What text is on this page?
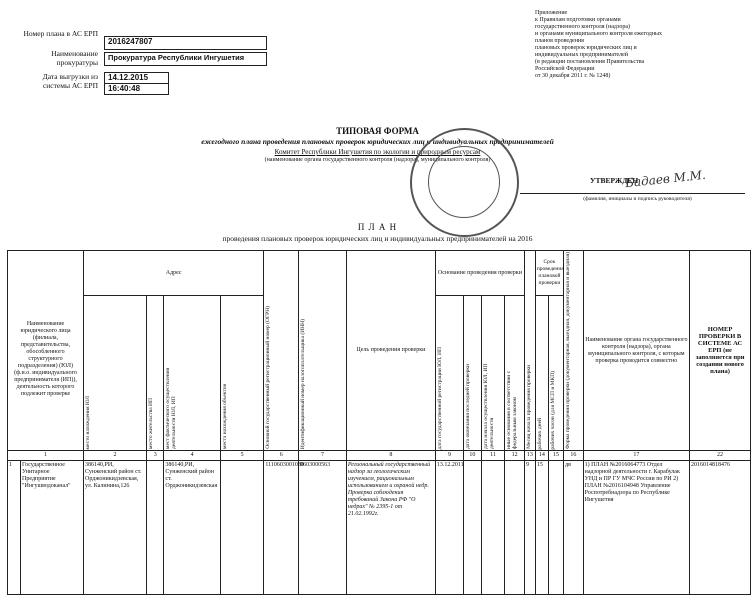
Номер плана в АС ЕРП
2016247807
Наименование прокуратуры	Прокуратура Республики Ингушетия
Дата выгрузки из системы АС ЕРП
14.12.2015
16:40:48
Приложение
к Правилам подготовки органами
государственного контроля (надзора)
и органами муниципального контроля ежегодных
планов проведения
плановых проверок юридических лиц и
индивидуальных предпринимателей
(в редакции постановления Правительства
Российской Федерации
от 30 декабря 2011 г. № 1248)
ТИПОВАЯ ФОРМА
ежегодного плана проведения плановых проверок юридических лиц и индивидуальных предпринимателей
Комитет Республики Ингушетия по экологии и природным ресурсам
(наименование органа государственного контроля (надзора), муниципального контроля)
УТВЕРЖДЕН
Бадаев М.М.
(фамилия, инициалы и подпись руководителя)
П Л А Н
проведения плановых проверок юридических лиц и индивидуальных предпринимателей на 2016
Наименование юридического лица (филиала, представительства, обособленного структурного подразделения) (ЮЛ) (ф.и.о. индивидуального предпринимателя (ИП)), деятельность которого подлежит проверке		Адрес				Основной государственный регистрационный номер (ОГРН)	Идентификационный номер налогоплательщика (ИНН)	Цель проведения проверки	Основание проведения проверки				Месяц начала проведения проверки	Срок проведения плановой проверки		Форма проведения проверки (документарная, выездная, документарная и выездная)	Наименование органа государственного контроля (надзора), органа муниципального контроля, с которым проверка проводится совместно	НОМЕР ПРОВЕРКИ В СИСТЕМЕ АС ЕРП (не заполняется при создании нового плана)

		место нахождения ЮЛ	место жительства ИП	мест фактического осуществления деятельности ЮЛ, ИП	места нахождения объектов				дата государственной регистрации ЮЛ, ИП	дата окончания последней проверки	дата начала осуществления ЮЛ, ИП деятельности	иные основания в соответствии с федеральным законом		рабочих дней	рабочих часов (для МСП и МКП)			

1		2	3	4	5	6	7	8	9	10	11	12	13	14	15	16	17	22
1	Государственное Унитарное Предприятие "Ингушводоканал"	386140,РИ, Сунженский район ст. Орджоникидзевская, ул. Калинина,126		386140,РИ, Сунженский район ст. Орджоникидзевская		1110603001080	0603000563	Региональный государственный надзор за геологическим изучением, рациональным использованием и охраной недр. Проверка соблюдения требований Закона РФ "О недрах" № 2395-1 от 21.02.1992г.	13.12.2011				9	15		дв	1) ПЛАН №2016064773 Отдел надзорной деятельности г. Карабулак УНД и ПР ГУ МЧС России по РИ 2) ПЛАН №2016104948 Управление Роспотребнадзора по Республике Ингушетия	2016014818476
